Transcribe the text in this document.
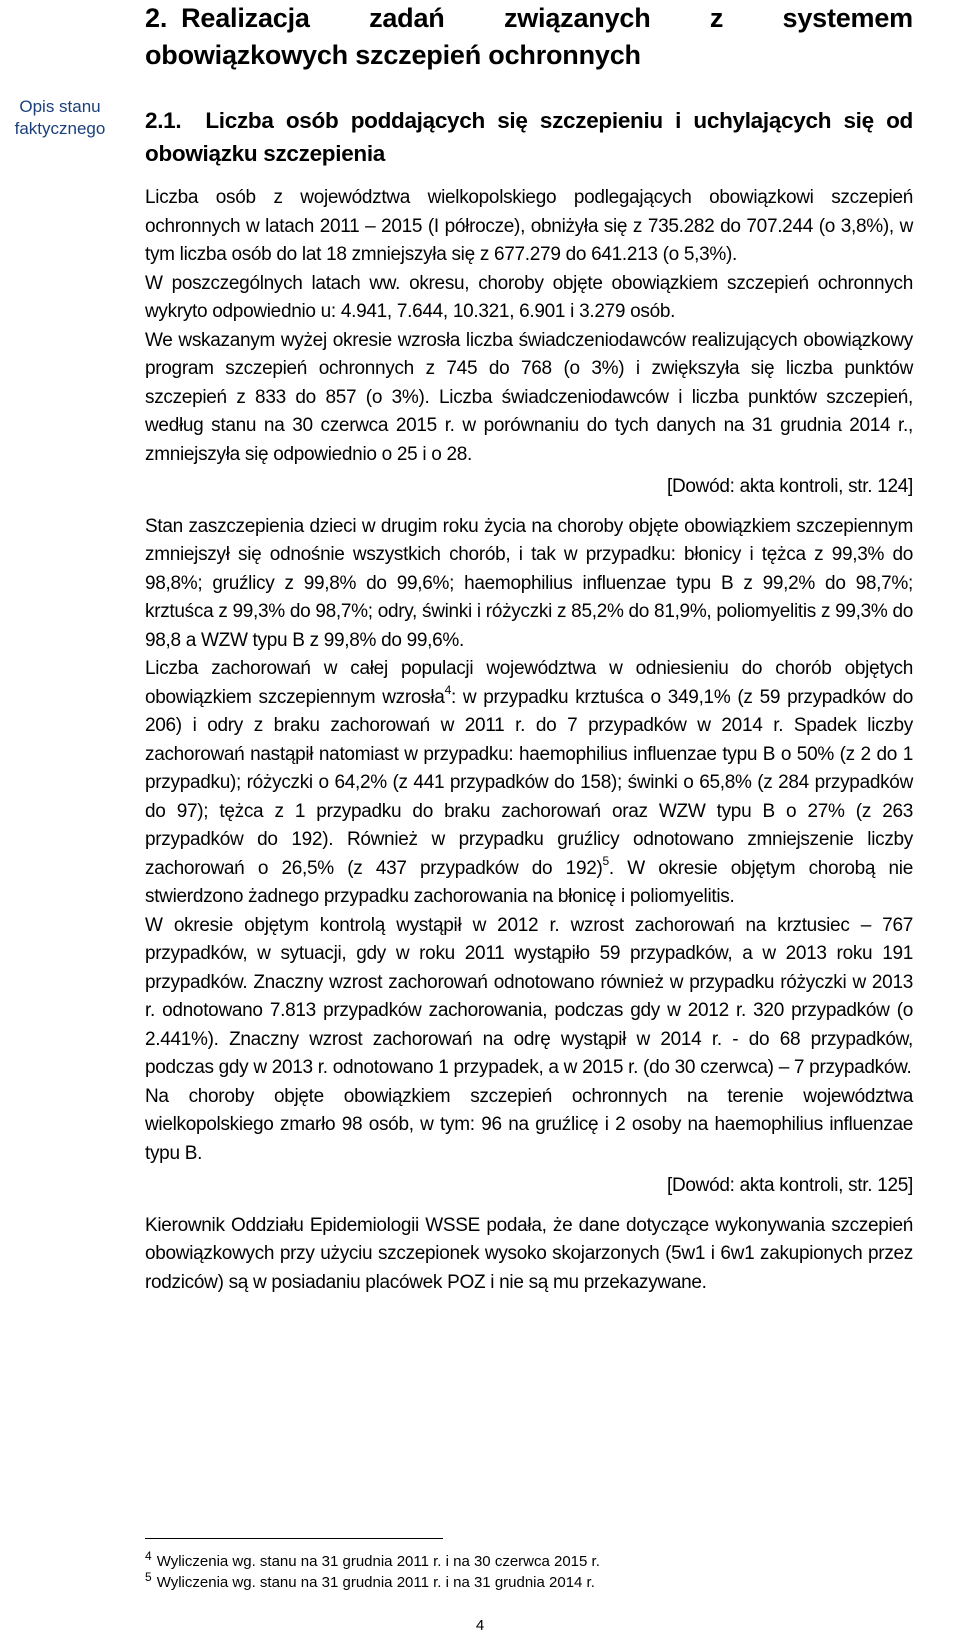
Opis stanu
faktycznego
2. Realizacja zadań związanych z systemem obowiązkowych szczepień ochronnych
2.1. Liczba osób poddających się szczepieniu i uchylających się od obowiązku szczepienia

Liczba osób z województwa wielkopolskiego podlegających obowiązkowi szczepień ochronnych w latach 2011 – 2015 (I półrocze), obniżyła się z 735.282 do 707.244 (o 3,8%), w tym liczba osób do lat 18 zmniejszyła się z 677.279 do 641.213 (o 5,3%).

W poszczególnych latach ww. okresu, choroby objęte obowiązkiem szczepień ochronnych wykryto odpowiednio u: 4.941, 7.644, 10.321, 6.901 i 3.279 osób.

We wskazanym wyżej okresie wzrosła liczba świadczeniodawców realizujących obowiązkowy program szczepień ochronnych z 745 do 768 (o 3%) i zwiększyła się liczba punktów szczepień z 833 do 857 (o 3%). Liczba świadczeniodawców i liczba punktów szczepień, według stanu na 30 czerwca 2015 r. w porównaniu do tych danych na 31 grudnia 2014 r., zmniejszyła się odpowiednio o 25 i o 28.

[Dowód: akta kontroli, str. 124]

Stan zaszczepienia dzieci w drugim roku życia na choroby objęte obowiązkiem szczepiennym zmniejszył się odnośnie wszystkich chorób, i tak w przypadku: błonicy i tężca z 99,3% do 98,8%; gruźlicy z 99,8% do 99,6%; haemophilius influenzae typu B z 99,2% do 98,7%; krztuśca z 99,3% do 98,7%; odry, świnki i różyczki z 85,2% do 81,9%, poliomyelitis z 99,3% do 98,8 a WZW typu B z 99,8% do 99,6%.

Liczba zachorowań w całej populacji województwa w odniesieniu do chorób objętych obowiązkiem szczepiennym wzrosła$^4$: w przypadku krztuśca o 349,1% (z 59 przypadków do 206) i odry z braku zachorowań w 2011 r. do 7 przypadków w 2014 r. Spadek liczby zachorowań nastąpił natomiast w przypadku: haemophilius influenzae typu B o 50% (z 2 do 1 przypadku); różyczki o 64,2% (z 441 przypadków do 158); świnki o 65,8% (z 284 przypadków do 97); tężca z 1 przypadku do braku zachorowań oraz WZW typu B o 27% (z 263 przypadków do 192). Również w przypadku gruźlicy odnotowano zmniejszenie liczby zachorowań o 26,5% (z 437 przypadków do 192)$^5$. W okresie objętym chorobą nie stwierdzono żadnego przypadku zachorowania na błonicę i poliomyelitis.

W okresie objętym kontrolą wystąpił w 2012 r. wzrost zachorowań na krztusiec – 767 przypadków, w sytuacji, gdy w roku 2011 wystąpiło 59 przypadków, a w 2013 roku 191 przypadków. Znaczny wzrost zachorowań odnotowano również w przypadku różyczki w 2013 r. odnotowano 7.813 przypadków zachorowania, podczas gdy w 2012 r. 320 przypadków (o 2.441%). Znaczny wzrost zachorowań na odrę wystąpił w 2014 r. - do 68 przypadków, podczas gdy w 2013 r. odnotowano 1 przypadek, a w 2015 r. (do 30 czerwca) – 7 przypadków.

Na choroby objęte obowiązkiem szczepień ochronnych na terenie województwa wielkopolskiego zmarło 98 osób, w tym: 96 na gruźlicę i 2 osoby na haemophilius influenzae typu B.

[Dowód: akta kontroli, str. 125]

Kierownik Oddziału Epidemiologii WSSE podała, że dane dotyczące wykonywania szczepień obowiązkowych przy użyciu szczepionek wysoko skojarzonych (5w1 i 6w1 zakupionych przez rodziców) są w posiadaniu placówek POZ i nie są mu przekazywane.

$^4$ Wyliczenia wg. stanu na 31 grudnia 2011 r. i na 30 czerwca 2015 r.
$^5$ Wyliczenia wg. stanu na 31 grudnia 2011 r. i na 31 grudnia 2014 r.
4
